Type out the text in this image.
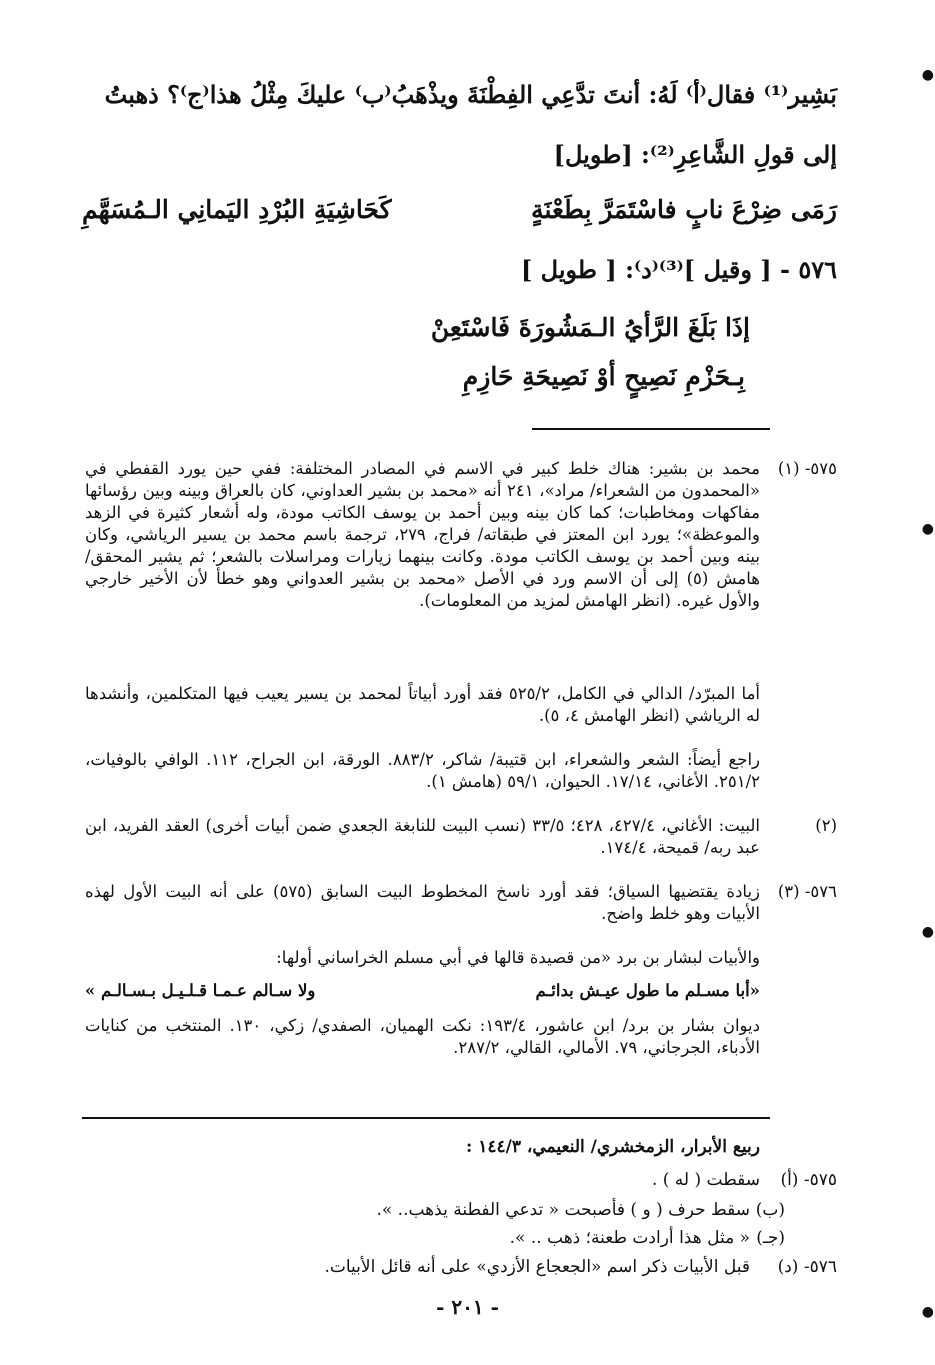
بَشِير⁽¹⁾ فقال⁽أ⁾ لَهُ: أنتَ تدَّعِي الفِطْنَةَ ويذْهَبُ⁽ب⁾ عليكَ مِثْلُ هذا⁽ج⁾؟ ذهبتُ
إلى قولِ الشَّاعِرِ⁽²⁾: [طويل]
رَمَى ضِرْعَ نابٍ فاسْتَمَرَّ بِطَعْنَةٍ
كَحَاشِيَةِ البُرْدِ اليَمانِي الـمُسَهَّمِ
٥٧٦ - [ وقيل ]⁽³⁾⁽د⁾: [ طويل ]
إذَا بَلَغَ الرَّأيُ الـمَشُورَةَ فَاسْتَعِنْ
بِـحَزْمِ نَصِيحٍ أوْ نَصِيحَةِ حَازِمِ
٥٧٥- (١)
محمد بن بشير: هناك خلط كبير في الاسم في المصادر المختلفة: ففي حين يورد القفطي في «المحمدون من الشعراء/ مراد»، ٢٤١ أنه «محمد بن بشير العداوني، كان بالعراق وبينه وبين رؤسائها مفاكهات ومخاطبات؛ كما كان بينه وبين أحمد بن يوسف الكاتب مودة، وله أشعار كثيرة في الزهد والموعظة»؛ يورد ابن المعتز في طبقاته/ فراج، ٢٧٩، ترجمة باسم محمد بن يسير الرياشي، وكان بينه وبين أحمد بن يوسف الكاتب مودة. وكانت بينهما زيارات ومراسلات بالشعر؛ ثم يشير المحقق/ هامش (٥) إلى أن الاسم ورد في الأصل «محمد بن بشير العدواني وهو خطأ لأن الأخير خارجي والأول غيره. (انظر الهامش لمزيد من المعلومات).
أما المبرّد/ الدالي في الكامل، ٥٢٥/٢ فقد أورد أبياتاً لمحمد بن يسير يعيب فيها المتكلمين، وأنشدها له الرياشي (انظر الهامش ٤، ٥).
راجع أيضاً: الشعر والشعراء، ابن قتيبة/ شاكر، ٨٨٣/٢. الورقة، ابن الجراح، ١١٢. الوافي بالوفيات، ٢٥١/٢. الأغاني، ١٧/١٤. الحيوان، ٥٩/١ (هامش ١).
(٢)
البيت: الأغاني، ٤٢٧/٤، ٤٢٨؛ ٣٣/٥ (نسب البيت للنابغة الجعدي ضمن أبيات أخرى) العقد الفريد، ابن عبد ربه/ قميحة، ١٧٤/٤.
٥٧٦- (٣)
زيادة يقتضيها السياق؛ فقد أورد ناسخ المخطوط البيت السابق (٥٧٥) على أنه البيت الأول لهذه الأبيات وهو خلط واضح.
والأبيات لبشار بن برد «من قصيدة قالها في أبي مسلم الخراساني أولها:
«أبا مسـلم ما طول عيـش بدائـم
ولا سـالم عـمـا قـلـيـل بـسـالـم »
ديوان بشار بن برد/ ابن عاشور، ١٩٣/٤: نكت الهميان، الصفدي/ زكي، ١٣٠. المنتخب من كنايات الأدباء، الجرجاني، ٧٩. الأمالي، القالي، ٢٨٧/٢.
ربيع الأبرار، الزمخشري/ النعيمي، ١٤٤/٣ :
٥٧٥- (أ)
سقطت ( له ) .
(ب)
سقط حرف ( و ) فأصبحت « تدعي الفطنة يذهب.. ».
(جـ)
« مثل هذا أرادت طعنة؛ ذهب .. ».
٥٧٦- (د)
قبل الأبيات ذكر اسم «الجعجاع الأزدي» على أنه قائل الأبيات.
- ٢٠١ -
●
●
●
●
